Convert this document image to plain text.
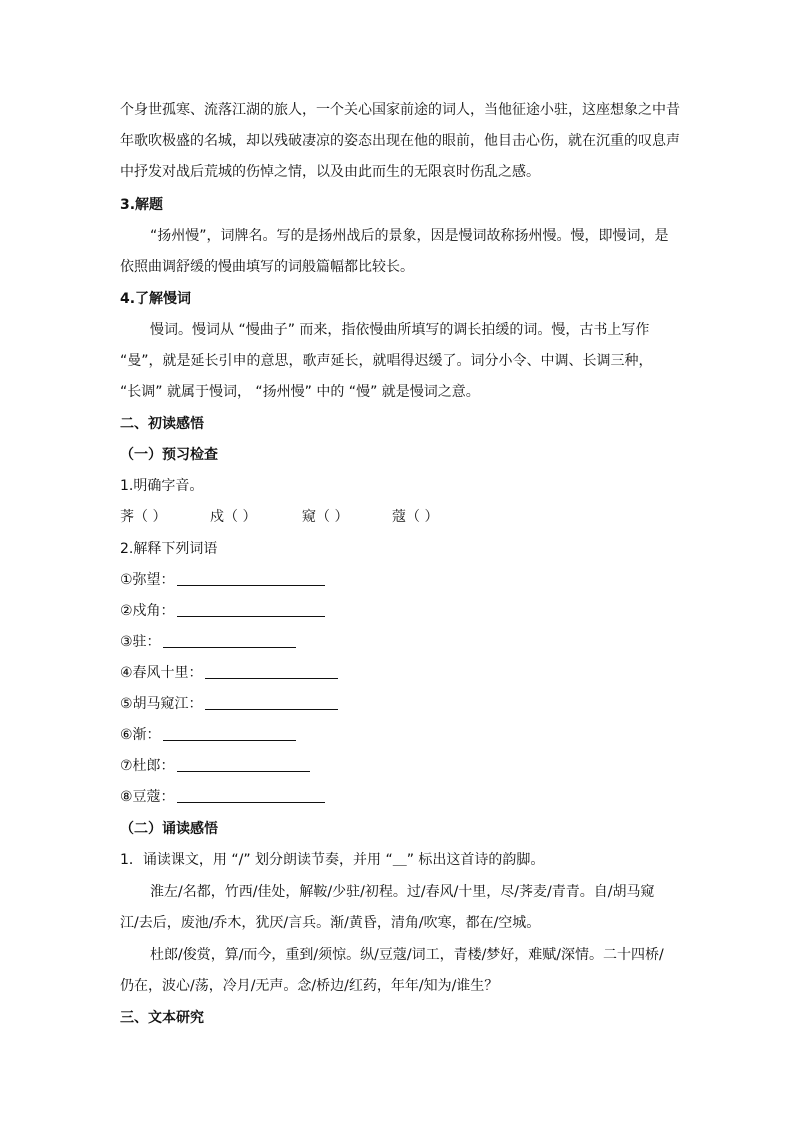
个身世孤寒、流落江湖的旅人，一个关心国家前途的词人，当他征途小驻，这座想象之中昔
年歌吹极盛的名城，却以残破凄凉的姿态出现在他的眼前，他目击心伤，就在沉重的叹息声
中抒发对战后荒城的伤悼之情，以及由此而生的无限哀时伤乱之感。
3.解题
“扬州慢”，词牌名。写的是扬州战后的景象，因是慢词故称扬州慢。慢，即慢词，是
依照曲调舒缓的慢曲填写的词般篇幅都比较长。
4.了解慢词
慢词。慢词从 “慢曲子” 而来，指依慢曲所填写的调长拍缓的词。慢，古书上写作
“曼”，就是延长引申的意思，歌声延长，就唱得迟缓了。词分小令、中调、长调三种，
“长调” 就属于慢词， “扬州慢” 中的 “慢” 就是慢词之意。
二、初读感悟
（一）预习检查
1.明确字音。
荠（ ）	戍（ ）	窥（ ）	蔻（ ）
2.解释下列词语
①弥望：
②戍角：
③驻：
④春风十里：
⑤胡马窥江：
⑥渐：
⑦杜郎：
⑧豆蔻：
（二）诵读感悟
1．诵读课文，用 “/” 划分朗读节奏，并用 “＿” 标出这首诗的韵脚。
淮左/名都，竹西/佳处，解鞍/少驻/初程。过/春风/十里，尽/荠麦/青青。自/胡马窥
江/去后，废池/乔木，犹厌/言兵。渐/黄昏，清角/吹寒，都在/空城。
杜郎/俊赏，算/而今，重到/须惊。纵/豆蔻/词工，青楼/梦好，难赋/深情。二十四桥/
仍在，波心/荡，冷月/无声。念/桥边/红药，年年/知为/谁生？
三、文本研究
